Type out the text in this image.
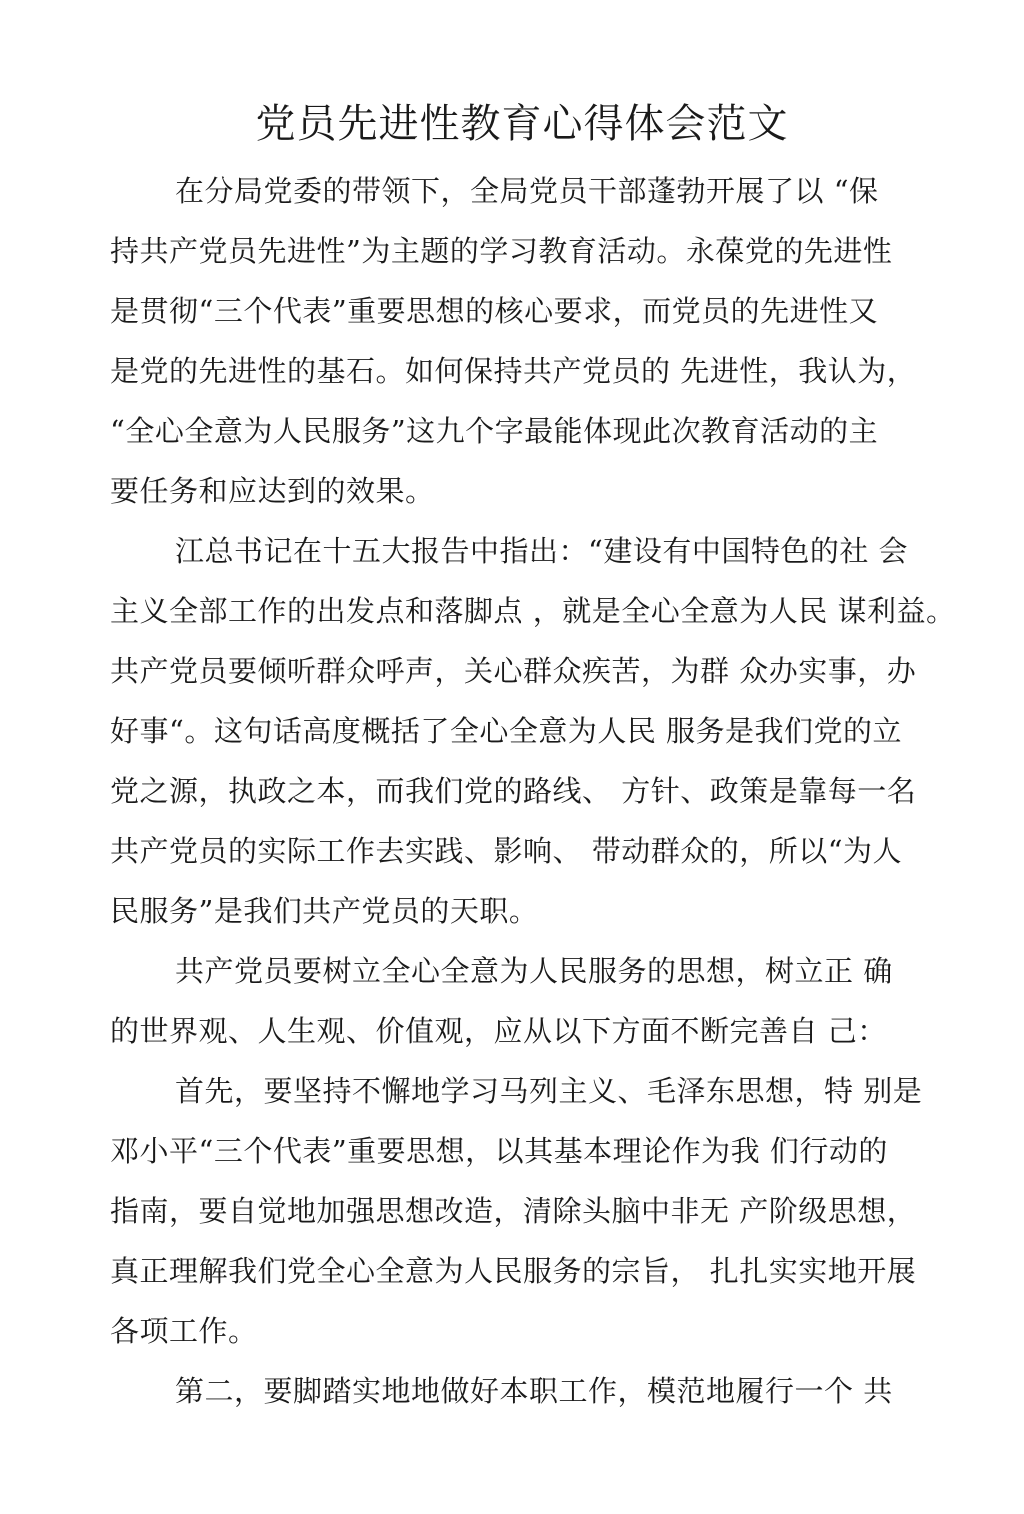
党员先进性教育心得体会范文
在分局党委的带领下，全局党员干部蓬勃开展了以 “保
持共产党员先进性”为主题的学习教育活动。永葆党的先进性
是贯彻“三个代表”重要思想的核心要求，而党员的先进性又
是党的先进性的基石。如何保持共产党员的 先进性，我认为，
“全心全意为人民服务”这九个字最能体现此次教育活动的主
要任务和应达到的效果。
江总书记在十五大报告中指出：“建设有中国特色的社 会
主义全部工作的出发点和落脚点 ，就是全心全意为人民 谋利益。
共产党员要倾听群众呼声，关心群众疾苦，为群 众办实事，办
好事“。这句话高度概括了全心全意为人民 服务是我们党的立
党之源，执政之本，而我们党的路线、 方针、政策是靠每一名
共产党员的实际工作去实践、影响、 带动群众的，所以“为人
民服务”是我们共产党员的天职。
共产党员要树立全心全意为人民服务的思想，树立正 确
的世界观、人生观、价值观，应从以下方面不断完善自 己：
首先，要坚持不懈地学习马列主义、毛泽东思想，特 别是
邓小平“三个代表”重要思想，以其基本理论作为我 们行动的
指南，要自觉地加强思想改造，清除头脑中非无 产阶级思想，
真正理解我们党全心全意为人民服务的宗旨， 扎扎实实地开展
各项工作。
第二，要脚踏实地地做好本职工作，模范地履行一个 共
